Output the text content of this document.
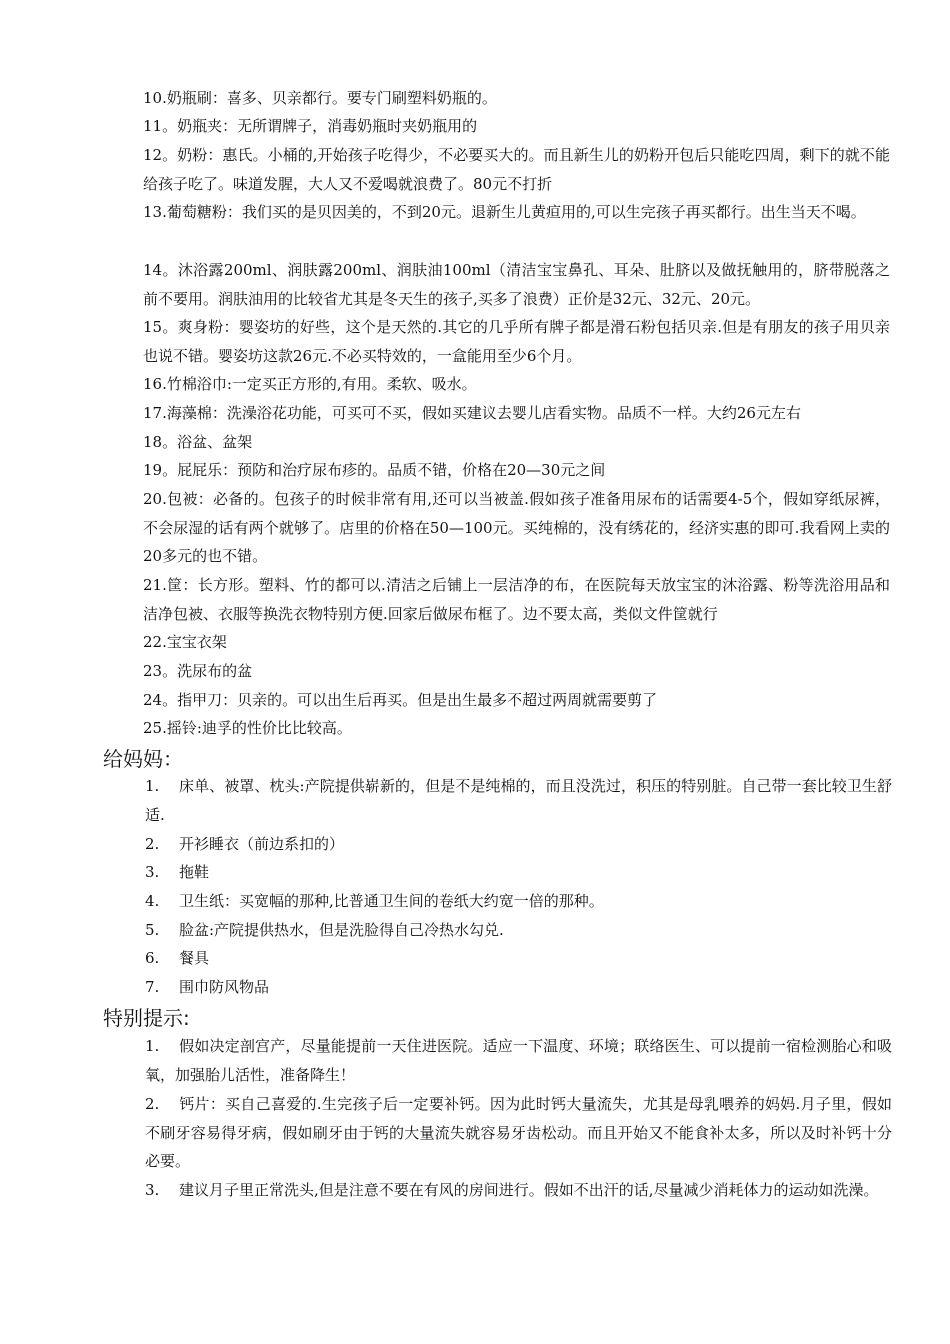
10.奶瓶刷：喜多、贝亲都行。要专门刷塑料奶瓶的。

11。奶瓶夹：无所谓牌子，消毒奶瓶时夹奶瓶用的

12。奶粉：惠氏。小桶的,开始孩子吃得少，不必要买大的。而且新生儿的奶粉开包后只能吃四周，剩下的就不能给孩子吃了。味道发腥，大人又不爱喝就浪费了。80元不打折

13.葡萄糖粉：我们买的是贝因美的，不到20元。退新生儿黄疸用的,可以生完孩子再买都行。出生当天不喝。

14。沐浴露200ml、润肤露200ml、润肤油100ml（清洁宝宝鼻孔、耳朵、肚脐以及做抚触用的，脐带脱落之前不要用。润肤油用的比较省尤其是冬天生的孩子,买多了浪费）正价是32元、32元、20元。

15。爽身粉：婴姿坊的好些，这个是天然的.其它的几乎所有牌子都是滑石粉包括贝亲.但是有朋友的孩子用贝亲也说不错。婴姿坊这款26元.不必买特效的，一盒能用至少6个月。

16.竹棉浴巾:一定买正方形的,有用。柔软、吸水。

17.海藻棉：洗澡浴花功能，可买可不买，假如买建议去婴儿店看实物。品质不一样。大约26元左右

18。浴盆、盆架

19。屁屁乐：预防和治疗尿布疹的。品质不错，价格在20—30元之间

20.包被：必备的。包孩子的时候非常有用,还可以当被盖.假如孩子准备用尿布的话需要4-5个，假如穿纸尿裤，不会尿湿的话有两个就够了。店里的价格在50—100元。买纯棉的，没有绣花的，经济实惠的即可.我看网上卖的20多元的也不错。

21.筐：长方形。塑料、竹的都可以.清洁之后铺上一层洁净的布，在医院每天放宝宝的沐浴露、粉等洗浴用品和洁净包被、衣服等换洗衣物特别方便.回家后做尿布框了。边不要太高，类似文件筐就行

22.宝宝衣架

23。洗尿布的盆

24。指甲刀：贝亲的。可以出生后再买。但是出生最多不超过两周就需要剪了

25.摇铃:迪孚的性价比比较高。

给妈妈：

1. 床单、被罩、枕头:产院提供崭新的，但是不是纯棉的，而且没洗过，积压的特别脏。自己带一套比较卫生舒适.

2. 开衫睡衣（前边系扣的）

3. 拖鞋

4. 卫生纸：买宽幅的那种,比普通卫生间的卷纸大约宽一倍的那种。

5. 脸盆:产院提供热水，但是洗脸得自己冷热水勾兑.

6. 餐具

7. 围巾防风物品

特别提示:

1. 假如决定剖宫产，尽量能提前一天住进医院。适应一下温度、环境；联络医生、可以提前一宿检测胎心和吸氧，加强胎儿活性，准备降生！

2. 钙片：买自己喜爱的.生完孩子后一定要补钙。因为此时钙大量流失，尤其是母乳喂养的妈妈.月子里，假如不刷牙容易得牙病，假如刷牙由于钙的大量流失就容易牙齿松动。而且开始又不能食补太多，所以及时补钙十分必要。

3. 建议月子里正常洗头,但是注意不要在有风的房间进行。假如不出汗的话,尽量减少消耗体力的运动如洗澡。
